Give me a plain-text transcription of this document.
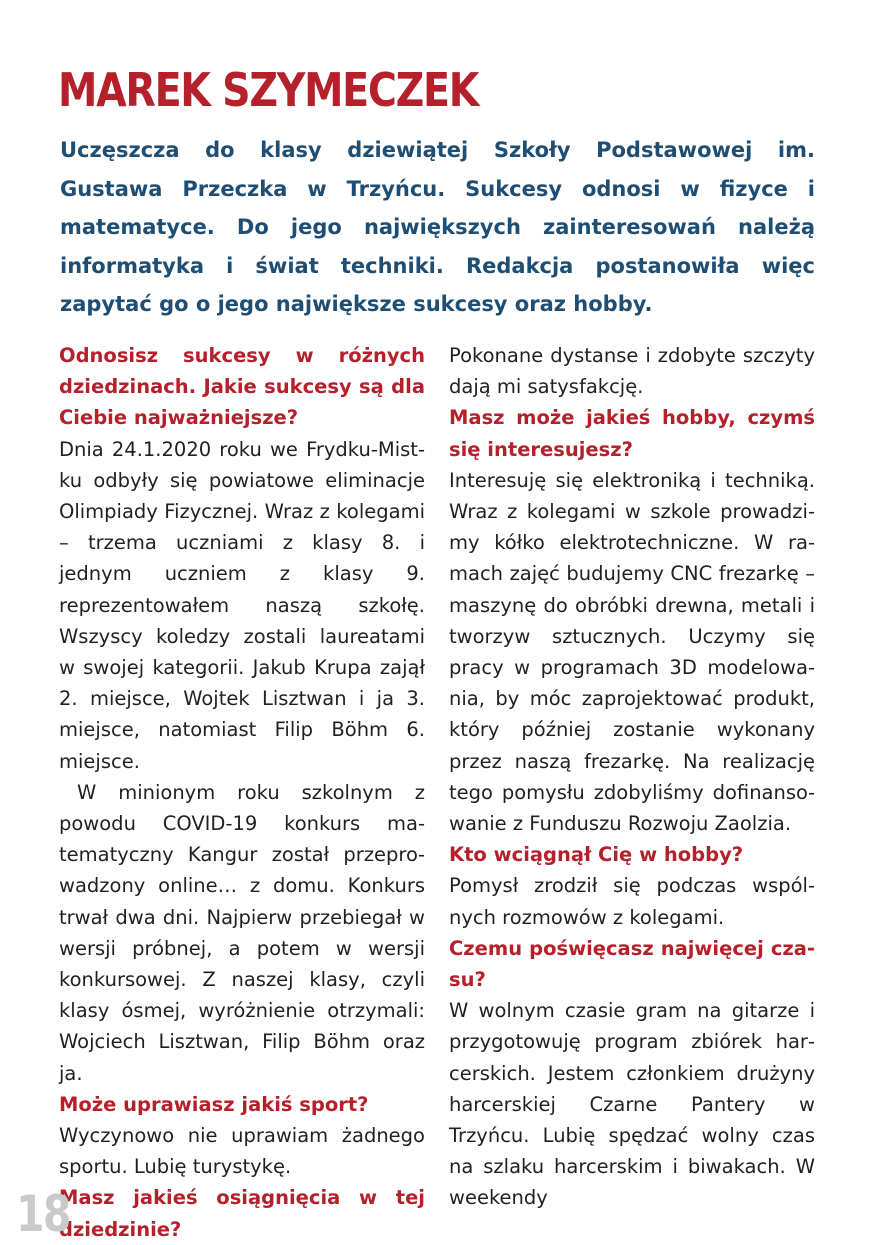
MAREK SZYMECZEK

Uczęszcza do klasy dziewiątej Szkoły Podstawowej im. Gustawa Przeczka w Trzyńcu. Sukcesy odnosi w fizyce i matematyce. Do jego największych zainteresowań należą informatyka i świat techniki. Redakcja postanowiła więc zapytać go o jego największe sukcesy oraz hobby.

Odnosisz sukcesy w różnych dziedzinach. Jakie sukcesy są dla Ciebie najważniejsze?

Dnia 24.1.2020 roku we Frydku-Mistku odbyły się powiatowe eliminacje Olimpiady Fizycznej. Wraz z kolegami – trzema uczniami z klasy 8. i jednym uczniem z klasy 9. reprezentowałem naszą szkołę. Wszyscy koledzy zostali laureatami w swojej kategorii. Jakub Krupa zajął 2. miejsce, Wojtek Lisztwan i ja 3. miejsce, natomiast Filip Böhm 6. miejsce.

W minionym roku szkolnym z powodu COVID-19 konkurs matematyczny Kangur został przeprowadzony online… z domu. Konkurs trwał dwa dni. Najpierw przebiegał w wersji próbnej, a potem w wersji konkursowej. Z naszej klasy, czyli klasy ósmej, wyróżnienie otrzymali: Wojciech Lisztwan, Filip Böhm oraz ja.

Może uprawiasz jakiś sport?

Wyczynowo nie uprawiam żadnego sportu. Lubię turystykę.

Masz jakieś osiągnięcia w tej dziedzinie?

Pokonane dystanse i zdobyte szczyty dają mi satysfakcję.

Masz może jakieś hobby, czymś się interesujesz?

Interesuję się elektroniką i techniką. Wraz z kolegami w szkole prowadzimy kółko elektrotechniczne. W ramach zajęć budujemy CNC frezarkę – maszynę do obróbki drewna, metali i tworzyw sztucznych. Uczymy się pracy w programach 3D modelowania, by móc zaprojektować produkt, który później zostanie wykonany przez naszą frezarkę. Na realizację tego pomysłu zdobyliśmy dofinansowanie z Funduszu Rozwoju Zaolzia.

Kto wciągnął Cię w hobby?

Pomysł zrodził się podczas wspólnych rozmowów z kolegami.

Czemu poświęcasz najwięcej czasu?

W wolnym czasie gram na gitarze i przygotowuję program zbiórek harcerskich. Jestem członkiem drużyny harcerskiej Czarne Pantery w Trzyńcu. Lubię spędzać wolny czas na szlaku harcerskim i biwakach. W weekendy

18
